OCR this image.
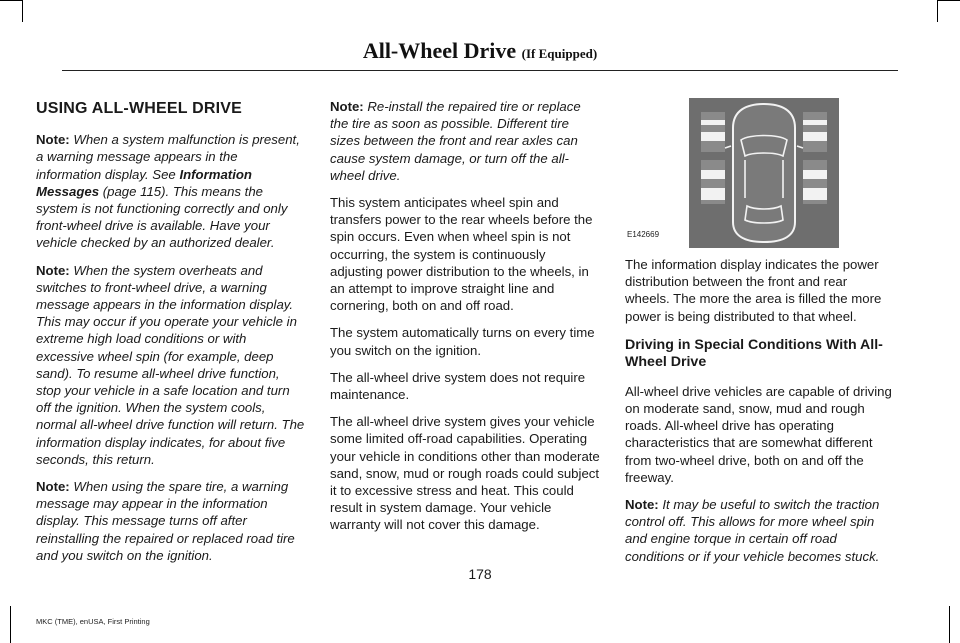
All-Wheel Drive (If Equipped)
USING ALL-WHEEL DRIVE

Note: When a system malfunction is present, a warning message appears in the information display. See Information Messages (page 115). This means the system is not functioning correctly and only front-wheel drive is available. Have your vehicle checked by an authorized dealer.

Note: When the system overheats and switches to front-wheel drive, a warning message appears in the information display. This may occur if you operate your vehicle in extreme high load conditions or with excessive wheel spin (for example, deep sand). To resume all-wheel drive function, stop your vehicle in a safe location and turn off the ignition. When the system cools, normal all-wheel drive function will return. The information display indicates, for about five seconds, this return.

Note: When using the spare tire, a warning message may appear in the information display. This message turns off after reinstalling the repaired or replaced road tire and you switch on the ignition.

Note: Re-install the repaired tire or replace the tire as soon as possible. Different tire sizes between the front and rear axles can cause system damage, or turn off the all-wheel drive.

This system anticipates wheel spin and transfers power to the rear wheels before the spin occurs. Even when wheel spin is not occurring, the system is continuously adjusting power distribution to the wheels, in an attempt to improve straight line and cornering, both on and off road.

The system automatically turns on every time you switch on the ignition.

The all-wheel drive system does not require maintenance.

The all-wheel drive system gives your vehicle some limited off-road capabilities. Operating your vehicle in conditions other than moderate sand, snow, mud or rough roads could subject it to excessive stress and heat. This could result in system damage. Your vehicle warranty will not cover this damage.

E142669

The information display indicates the power distribution between the front and rear wheels. The more the area is filled the more power is being distributed to that wheel.

Driving in Special Conditions With All-Wheel Drive

All-wheel drive vehicles are capable of driving on moderate sand, snow, mud and rough roads. All-wheel drive has operating characteristics that are somewhat different from two-wheel drive, both on and off the freeway.

Note: It may be useful to switch the traction control off. This allows for more wheel spin and engine torque in certain off road conditions or if your vehicle becomes stuck.

178
MKC (TME), enUSA, First Printing
